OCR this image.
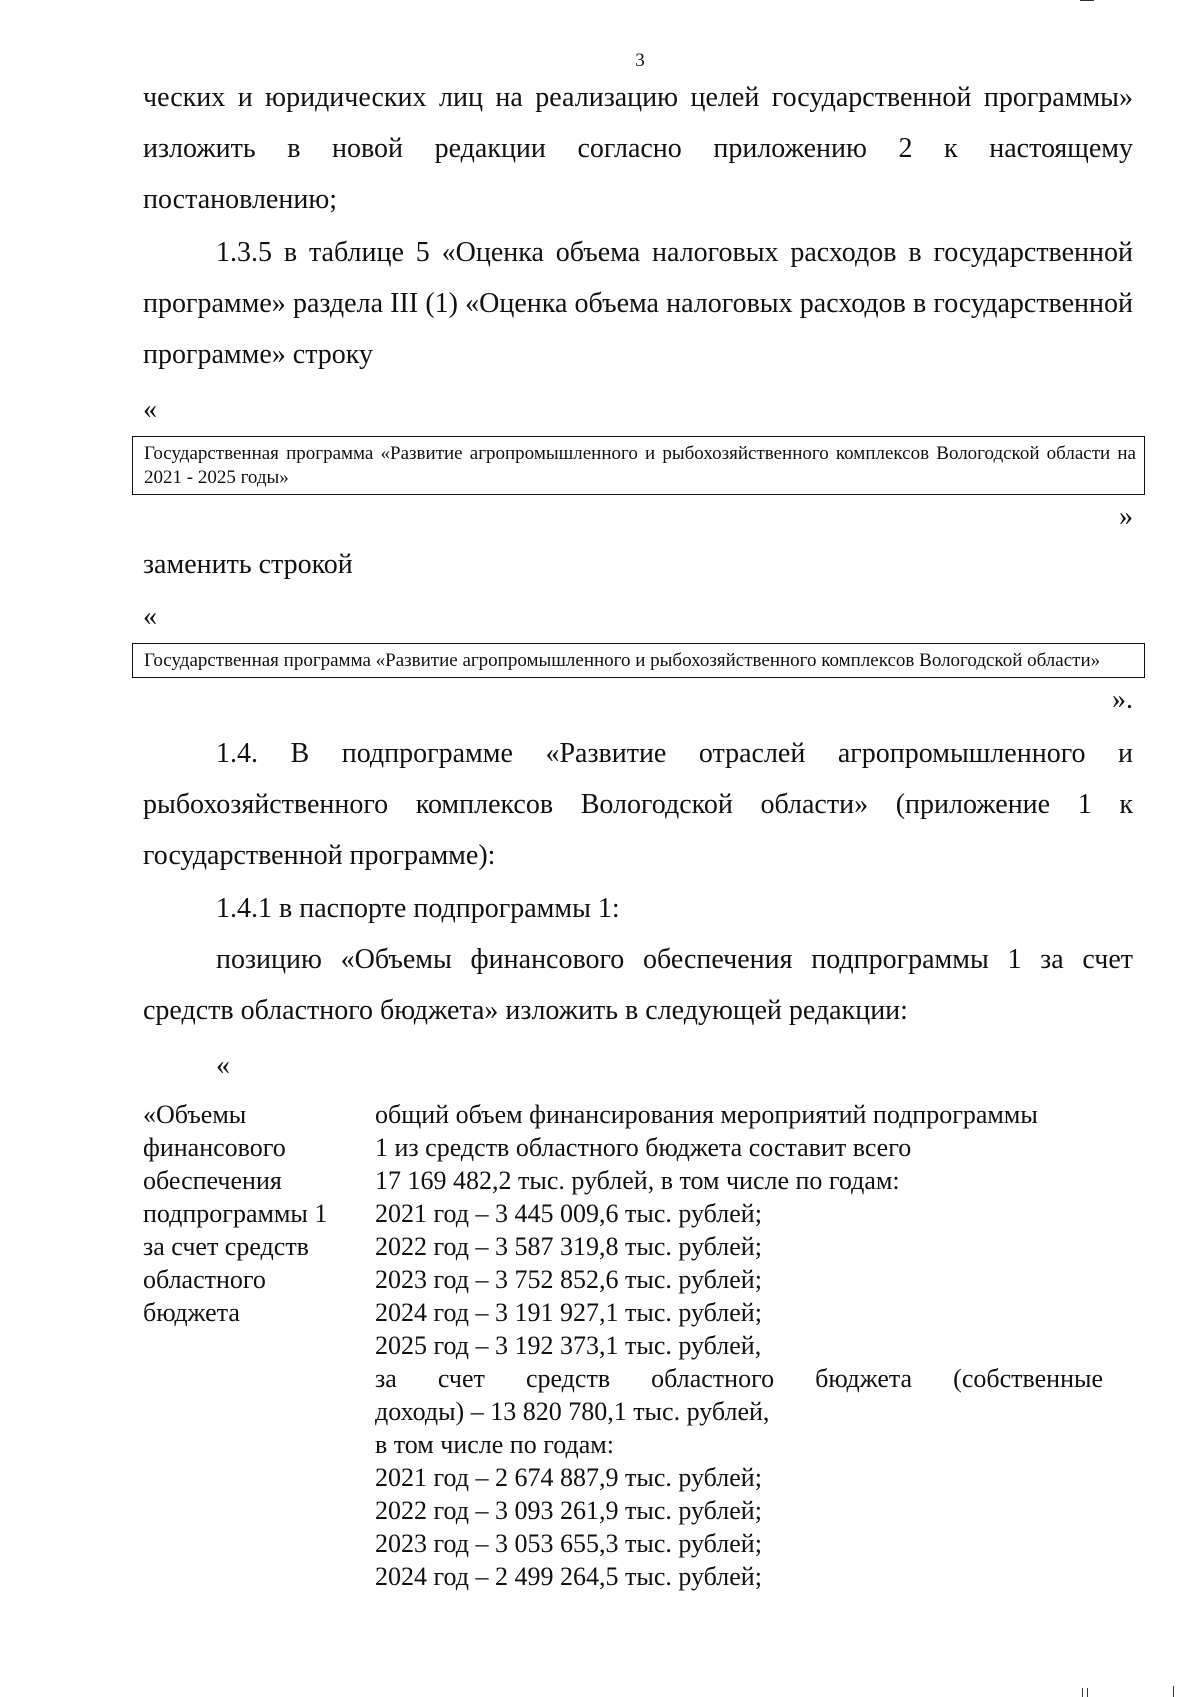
3

ческих и юридических лиц на реализацию целей государственной программы» изложить в новой редакции согласно приложению 2 к настоящему постановлению;

1.3.5 в таблице 5 «Оценка объема налоговых расходов в государственной программе» раздела III (1) «Оценка объема налоговых расходов в государственной программе» строку

«
Государственная программа «Развитие агропромышленного и рыбохозяйственного комплексов Вологодской области на 2021 - 2025 годы»
»
заменить строкой
«
Государственная программа «Развитие агропромышленного и рыбохозяйственного комплексов Вологодской области»
».

1.4. В подпрограмме «Развитие отраслей агропромышленного и рыбохозяйственного комплексов Вологодской области» (приложение 1 к государственной программе):

1.4.1 в паспорте подпрограммы 1:

позицию «Объемы финансового обеспечения подпрограммы 1 за счет средств областного бюджета» изложить в следующей редакции:

«
«Объемы
финансового
обеспечения
подпрограммы 1
за счет средств
областного
бюджета
общий объем финансирования мероприятий подпрограммы
1 из средств областного бюджета составит всего
17 169 482,2 тыс. рублей, в том числе по годам:
2021 год – 3 445 009,6 тыс. рублей;
2022 год – 3 587 319,8 тыс. рублей;
2023 год – 3 752 852,6 тыс. рублей;
2024 год – 3 191 927,1 тыс. рублей;
2025 год – 3 192 373,1 тыс. рублей,
за счет средств областного бюджета (собственные
доходы) – 13 820 780,1 тыс. рублей,
в том числе по годам:
2021 год – 2 674 887,9 тыс. рублей;
2022 год – 3 093 261,9 тыс. рублей;
2023 год – 3 053 655,3 тыс. рублей;
2024 год – 2 499 264,5 тыс. рублей;
